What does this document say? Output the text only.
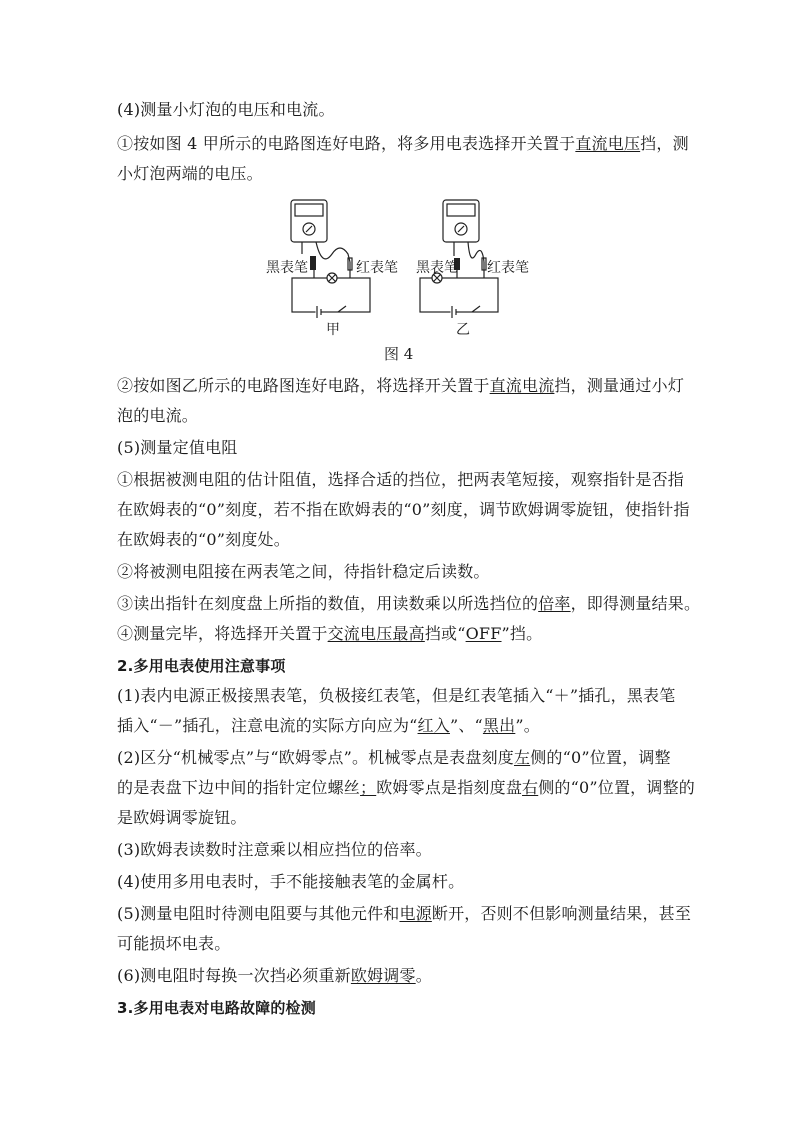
(4)测量小灯泡的电压和电流。
①按如图 4 甲所示的电路图连好电路，将多用电表选择开关置于直流电压挡，测
小灯泡两端的电压。
黑表笔	红表笔 黑表笔 红表笔
甲	乙
图 4
②按如图乙所示的电路图连好电路，将选择开关置于直流电流挡，测量通过小灯
泡的电流。
(5)测量定值电阻
①根据被测电阻的估计阻值，选择合适的挡位，把两表笔短接，观察指针是否指
在欧姆表的“0”刻度，若不指在欧姆表的“0”刻度，调节欧姆调零旋钮，使指针指
在欧姆表的“0”刻度处。
②将被测电阻接在两表笔之间，待指针稳定后读数。
③读出指针在刻度盘上所指的数值，用读数乘以所选挡位的倍率，即得测量结果。
④测量完毕，将选择开关置于交流电压最高挡或“OFF”挡。
2.多用电表使用注意事项
(1)表内电源正极接黑表笔，负极接红表笔，但是红表笔插入“＋”插孔，黑表笔
插入“－”插孔，注意电流的实际方向应为“红入”、“黑出”。
(2)区分“机械零点”与“欧姆零点”。机械零点是表盘刻度左侧的“0”位置，调整
的是表盘下边中间的指针定位螺丝；欧姆零点是指刻度盘右侧的“0”位置，调整的
是欧姆调零旋钮。
(3)欧姆表读数时注意乘以相应挡位的倍率。
(4)使用多用电表时，手不能接触表笔的金属杆。
(5)测量电阻时待测电阻要与其他元件和电源断开，否则不但影响测量结果，甚至
可能损坏电表。
(6)测电阻时每换一次挡必须重新欧姆调零。
3.多用电表对电路故障的检测
